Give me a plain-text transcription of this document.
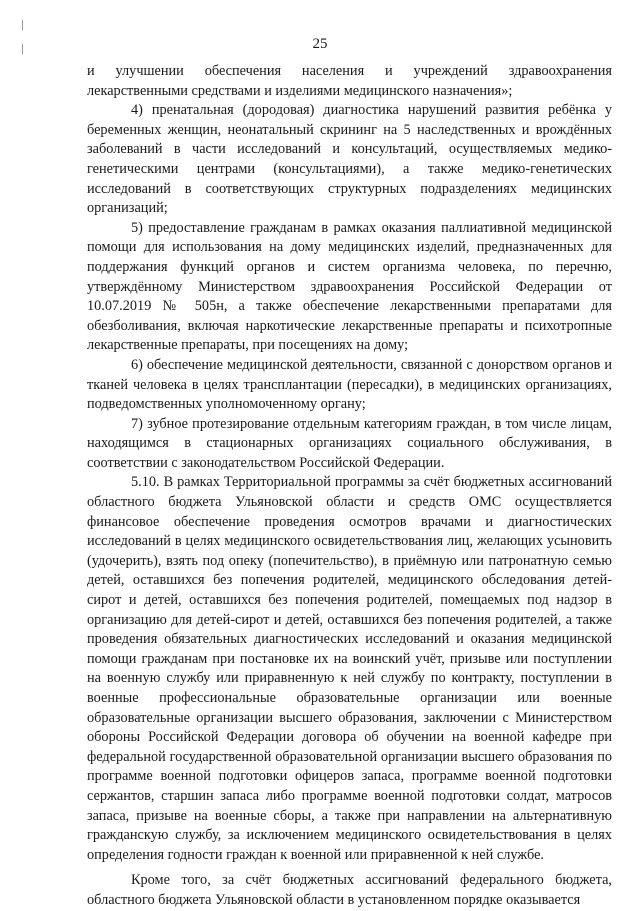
25

и улучшении обеспечения населения и учреждений здравоохранения лекарственными средствами и изделиями медицинского назначения»;

4) пренатальная (дородовая) диагностика нарушений развития ребёнка у беременных женщин, неонатальный скрининг на 5 наследственных и врождённых заболеваний в части исследований и консультаций, осуществляемых медико-генетическими центрами (консультациями), а также медико-генетических исследований в соответствующих структурных подразделениях медицинских организаций;

5) предоставление гражданам в рамках оказания паллиативной медицинской помощи для использования на дому медицинских изделий, предназначенных для поддержания функций органов и систем организма человека, по перечню, утверждённому Министерством здравоохранения Российской Федерации от 10.07.2019 № 505н, а также обеспечение лекарственными препаратами для обезболивания, включая наркотические лекарственные препараты и психотропные лекарственные препараты, при посещениях на дому;

6) обеспечение медицинской деятельности, связанной с донорством органов и тканей человека в целях трансплантации (пересадки), в медицинских организациях, подведомственных уполномоченному органу;

7) зубное протезирование отдельным категориям граждан, в том числе лицам, находящимся в стационарных организациях социального обслуживания, в соответствии с законодательством Российской Федерации.

5.10. В рамках Территориальной программы за счёт бюджетных ассигнований областного бюджета Ульяновской области и средств ОМС осуществляется финансовое обеспечение проведения осмотров врачами и диагностических исследований в целях медицинского освидетельствования лиц, желающих усыновить (удочерить), взять под опеку (попечительство), в приёмную или патронатную семью детей, оставшихся без попечения родителей, медицинского обследования детей-сирот и детей, оставшихся без попечения родителей, помещаемых под надзор в организацию для детей-сирот и детей, оставшихся без попечения родителей, а также проведения обязательных диагностических исследований и оказания медицинской помощи гражданам при постановке их на воинский учёт, призыве или поступлении на военную службу или приравненную к ней службу по контракту, поступлении в военные профессиональные образовательные организации или военные образовательные организации высшего образования, заключении с Министерством обороны Российской Федерации договора об обучении на военной кафедре при федеральной государственной образовательной организации высшего образования по программе военной подготовки офицеров запаса, программе военной подготовки сержантов, старшин запаса либо программе военной подготовки солдат, матросов запаса, призыве на военные сборы, а также при направлении на альтернативную гражданскую службу, за исключением медицинского освидетельствования в целях определения годности граждан к военной или приравненной к ней службе.

Кроме того, за счёт бюджетных ассигнований федерального бюджета, областного бюджета Ульяновской области в установленном порядке оказывается
